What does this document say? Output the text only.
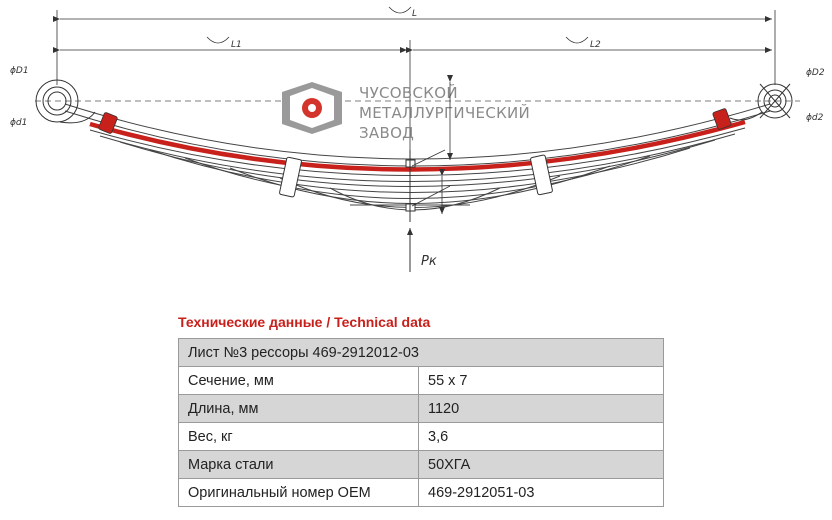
L
L1	L2
ϕD1
ϕd1
ϕD2
ϕd2
ЧУСОВСКОЙ
МЕТАЛЛУРГИЧЕСКИЙ
ЗАВОД
Pк
Технические данные / Technical data
Лист №3 рессоры 469-2912012-03	
Сечение, мм	55 х 7
Длина, мм	1120
Вес, кг	3,6
Марка стали	50ХГА
Оригинальный номер OEM	469-2912051-03
